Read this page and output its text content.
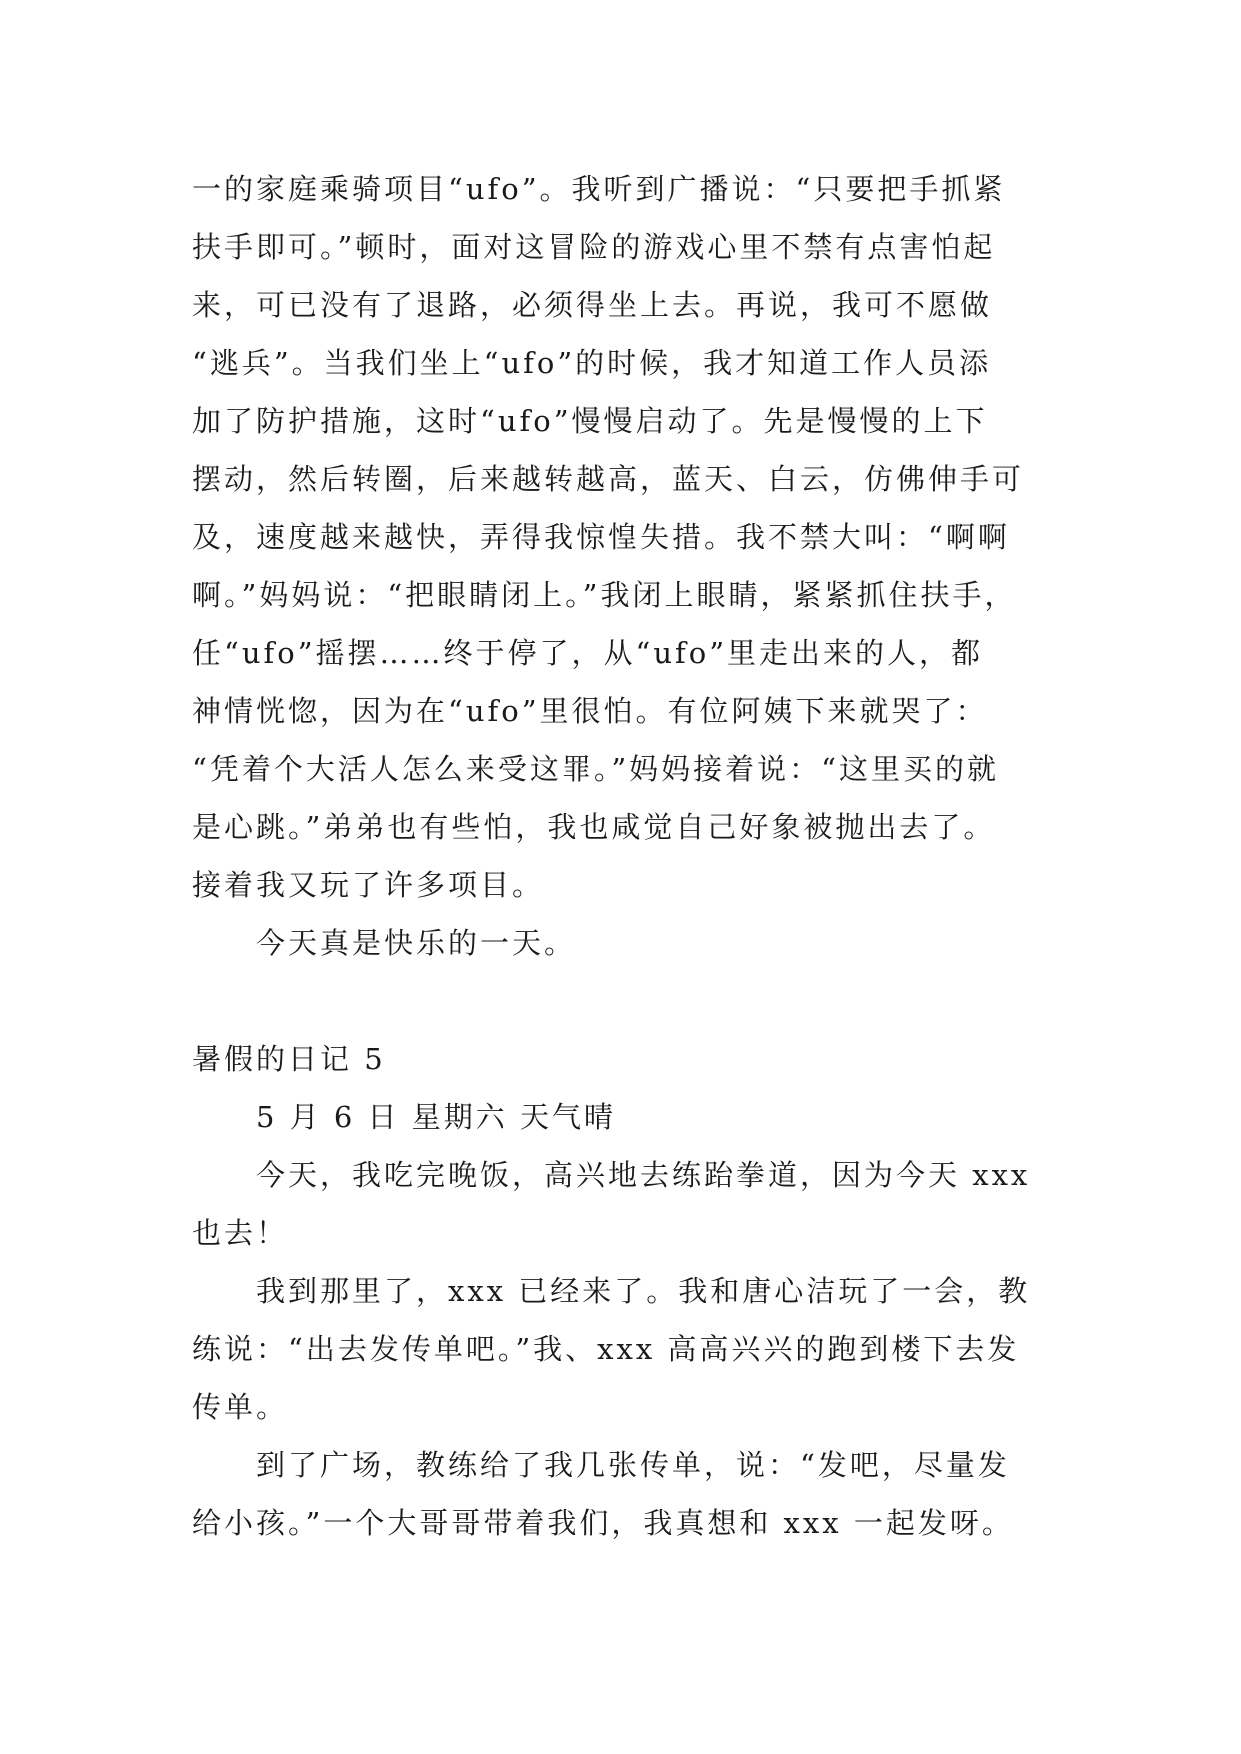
一的家庭乘骑项目“ufo”。我听到广播说：“只要把手抓紧
扶手即可。”顿时，面对这冒险的游戏心里不禁有点害怕起
来，可已没有了退路，必须得坐上去。再说，我可不愿做
“逃兵”。当我们坐上“ufo”的时候，我才知道工作人员添
加了防护措施，这时“ufo”慢慢启动了。先是慢慢的上下
摆动，然后转圈，后来越转越高，蓝天、白云，仿佛伸手可
及，速度越来越快，弄得我惊惶失措。我不禁大叫：“啊啊
啊。”妈妈说：“把眼睛闭上。”我闭上眼睛，紧紧抓住扶手，
任“ufo”摇摆……终于停了，从“ufo”里走出来的人，都
神情恍惚，因为在“ufo”里很怕。有位阿姨下来就哭了：
“凭着个大活人怎么来受这罪。”妈妈接着说：“这里买的就
是心跳。”弟弟也有些怕，我也咸觉自己好象被抛出去了。
接着我又玩了许多项目。
今天真是快乐的一天。
暑假的日记 5
5 月 6 日 星期六 天气晴
今天，我吃完晚饭，高兴地去练跆拳道，因为今天 xxx
也去！
我到那里了，xxx 已经来了。我和唐心洁玩了一会，教
练说：“出去发传单吧。”我、xxx 高高兴兴的跑到楼下去发
传单。
到了广场，教练给了我几张传单，说：“发吧，尽量发
给小孩。”一个大哥哥带着我们，我真想和 xxx 一起发呀。
